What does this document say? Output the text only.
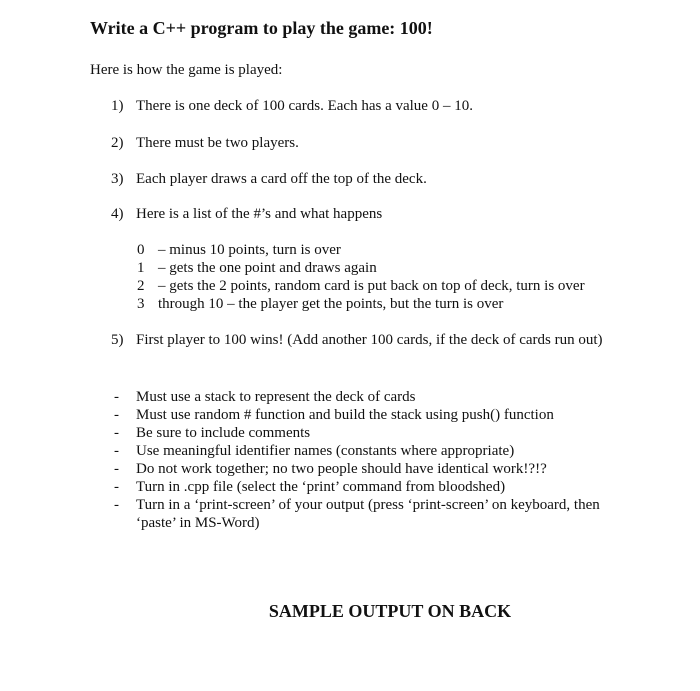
Write a C++ program to play the game: 100!
Here is how the game is played:
1) There is one deck of 100 cards. Each has a value 0 – 10.
2) There must be two players.
3) Each player draws a card off the top of the deck.
4) Here is a list of the #’s and what happens
0 – minus 10 points, turn is over
1 – gets the one point and draws again
2 – gets the 2 points, random card is put back on top of deck, turn is over
3 through 10 – the player get the points, but the turn is over
5) First player to 100 wins! (Add another 100 cards, if the deck of cards run out)
- Must use a stack to represent the deck of cards
- Must use random # function and build the stack using push() function
- Be sure to include comments
- Use meaningful identifier names (constants where appropriate)
- Do not work together; no two people should have identical work!?!?
- Turn in .cpp file (select the ‘print’ command from bloodshed)
- Turn in a ‘print-screen’ of your output (press ‘print-screen’ on keyboard, then
‘paste’ in MS-Word)
SAMPLE OUTPUT ON BACK
